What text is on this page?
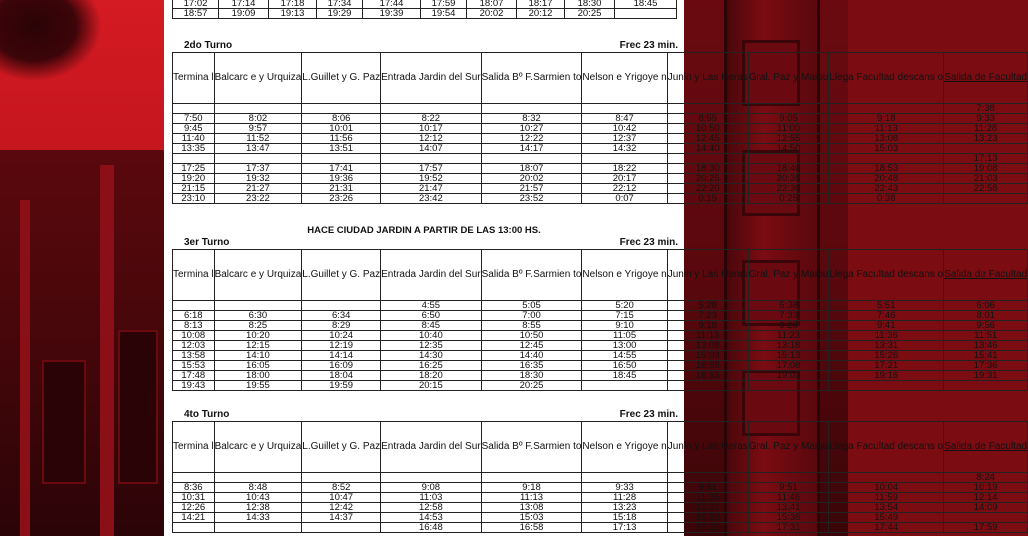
17:02	17:14	17:18	17:34	17:44	17:59	18:07	18:17	18:30	18:45
18:57	19:09	19:13	19:29	19:39	19:54	20:02	20:12	20:25	
2do Turno	Frec 23 min.
Termina l	Balcarc e y Urquiza	L.Guillet y G. Paz	Entrada Jardin del Sur	Salida Bº F.Sarmien to	Nelson e Yrigoye n	Junin y Las Heras	Gral. Paz y Maipu	Llega Facultad descans o	Salida de Facultad
									7:38
7:50	8:02	8:06	8:22	8:32	8:47	8:55	9:05	9:18	9:33
9:45	9:57	10:01	10:17	10:27	10:42	10:50	11:00	11:13	11:28
11:40	11:52	11:56	12:12	12:22	12:37	12:45	12:55	13:08	13:23
13:35	13:47	13:51	14:07	14:17	14:32	14:40	14:50	15:03	
									17:13
17:25	17:37	17:41	17:57	18:07	18:22	18:30	18:40	18:53	19:08
19:20	19:32	19:36	19:52	20:02	20:17	20:25	20:35	20:48	21:03
21:15	21:27	21:31	21:47	21:57	22:12	22:20	22:30	22:43	22:58
23:10	23:22	23:26	23:42	23:52	0:07	0:15	0:25	0:38	
HACE CIUDAD JARDIN A PARTIR DE LAS 13:00 HS.
3er Turno	Frec 23 min.
Termina l	Balcarc e y Urquiza	L.Guillet y G. Paz	Entrada Jardin del Sur	Salida Bº F.Sarmien to	Nelson e Yrigoye n	Junin y Las Heras	Gral. Paz y Maipu	Llega Facultad descans o	Salida de Facultad
			4:55	5:05	5:20	5:28	5:38	5:51	6:06
6:18	6:30	6:34	6:50	7:00	7:15	7:23	7:33	7:46	8:01
8:13	8:25	8:29	8:45	8:55	9:10	9:18	9:28	9:41	9:56
10:08	10:20	10:24	10:40	10:50	11:05	11:13	11:23	11:36	11:51
12:03	12:15	12:19	12:35	12:45	13:00	13:08	13:18	13:31	13:46
13:58	14:10	14:14	14:30	14:40	14:55	15:03	15:13	15:26	15:41
15:53	16:05	16:09	16:25	16:35	16:50	16:58	17:08	17:21	17:36
17:48	18:00	18:04	18:20	18:30	18:45	18:53	19:03	19:16	19:31
19:43	19:55	19:59	20:15	20:25					
4to Turno	Frec 23 min.
Termina l	Balcarc e y Urquiza	L.Guillet y G. Paz	Entrada Jardin del Sur	Salida Bº F.Sarmien to	Nelson e Yrigoye n	Junin y Las Heras	Gral. Paz y Maipu	Llega Facultad descans o	Salida de Facultad
									8:24
8:36	8:48	8:52	9:08	9:18	9:33	9:41	9:51	10:04	10:19
10:31	10:43	10:47	11:03	11:13	11:28	11:36	11:46	11:59	12:14
12:26	12:38	12:42	12:58	13:08	13:23	13:31	13:41	13:54	14:09
14:21	14:33	14:37	14:53	15:03	15:18	15:26	15:36	15:49	
			16:48	16:58	17:13	17:21	17:31	17:44	17:59
